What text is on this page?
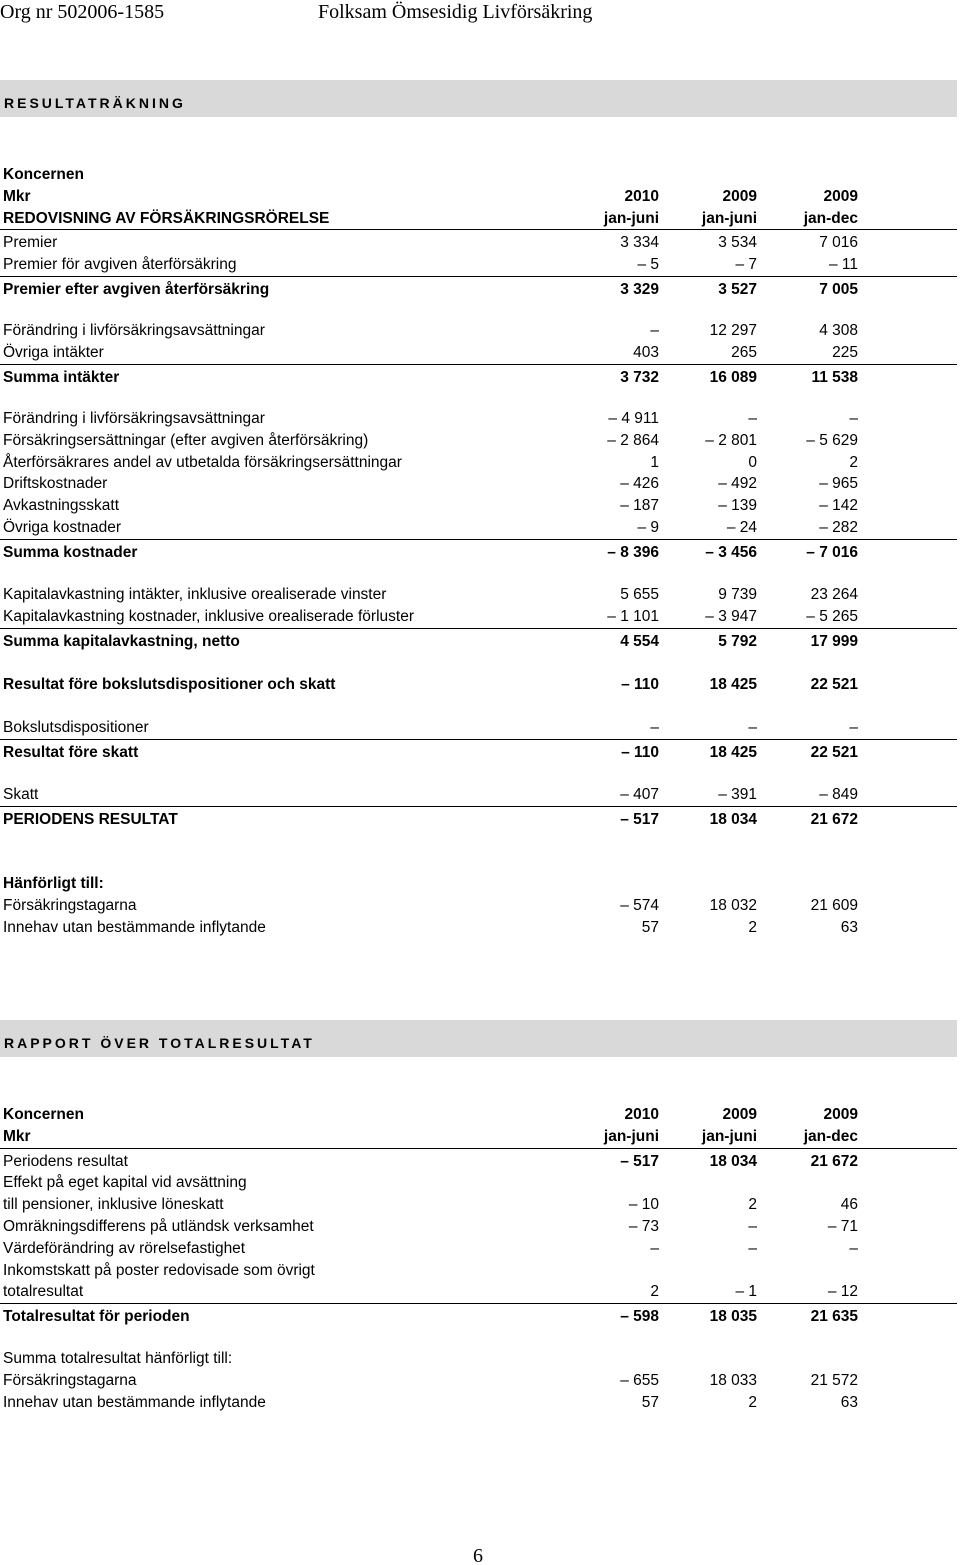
Org nr 502006-1585	Folksam Ömsesidig Livförsäkring
RESULTATRÄKNING
Koncernen
Mkr	2010	2009	2009
REDOVISNING AV FÖRSÄKRINGSRÖRELSE	jan-juni	jan-juni	jan-dec
Premier	3 334	3 534	7 016
Premier för avgiven återförsäkring	– 5	– 7	– 11
Premier efter avgiven återförsäkring	3 329	3 527	7 005
Förändring i livförsäkringsavsättningar	–	12 297	4 308
Övriga intäkter	403	265	225
Summa intäkter	3 732	16 089	11 538
Förändring i livförsäkringsavsättningar	– 4 911	–	–
Försäkringsersättningar (efter avgiven återförsäkring)	– 2 864	– 2 801	– 5 629
Återförsäkrares andel av utbetalda försäkringsersättningar	1	0	2
Driftskostnader	– 426	– 492	– 965
Avkastningsskatt	– 187	– 139	– 142
Övriga kostnader	– 9	– 24	– 282
Summa kostnader	– 8 396	– 3 456	– 7 016
Kapitalavkastning intäkter, inklusive orealiserade vinster	5 655	9 739	23 264
Kapitalavkastning kostnader, inklusive orealiserade förluster	– 1 101	– 3 947	– 5 265
Summa kapitalavkastning, netto	4 554	5 792	17 999
Resultat före bokslutsdispositioner och skatt	– 110	18 425	22 521
Bokslutsdispositioner	–	–	–
Resultat före skatt	– 110	18 425	22 521
Skatt	– 407	– 391	– 849
PERIODENS RESULTAT	– 517	18 034	21 672
Hänförligt till:
Försäkringstagarna	– 574	18 032	21 609
Innehav utan bestämmande inflytande	57	2	63
RAPPORT ÖVER TOTALRESULTAT
Koncernen	2010	2009	2009
Mkr	jan-juni	jan-juni	jan-dec
Periodens resultat	– 517	18 034	21 672
Effekt på eget kapital vid avsättning
till pensioner, inklusive löneskatt	– 10	2	46
Omräkningsdifferens på utländsk verksamhet	– 73	–	– 71
Värdeförändring av rörelsefastighet	–	–	–
Inkomstskatt på poster redovisade som övrigt
totalresultat	2	– 1	– 12
Totalresultat för perioden	– 598	18 035	21 635
Summa totalresultat hänförligt till:
Försäkringstagarna	– 655	18 033	21 572
Innehav utan bestämmande inflytande	57	2	63
6
